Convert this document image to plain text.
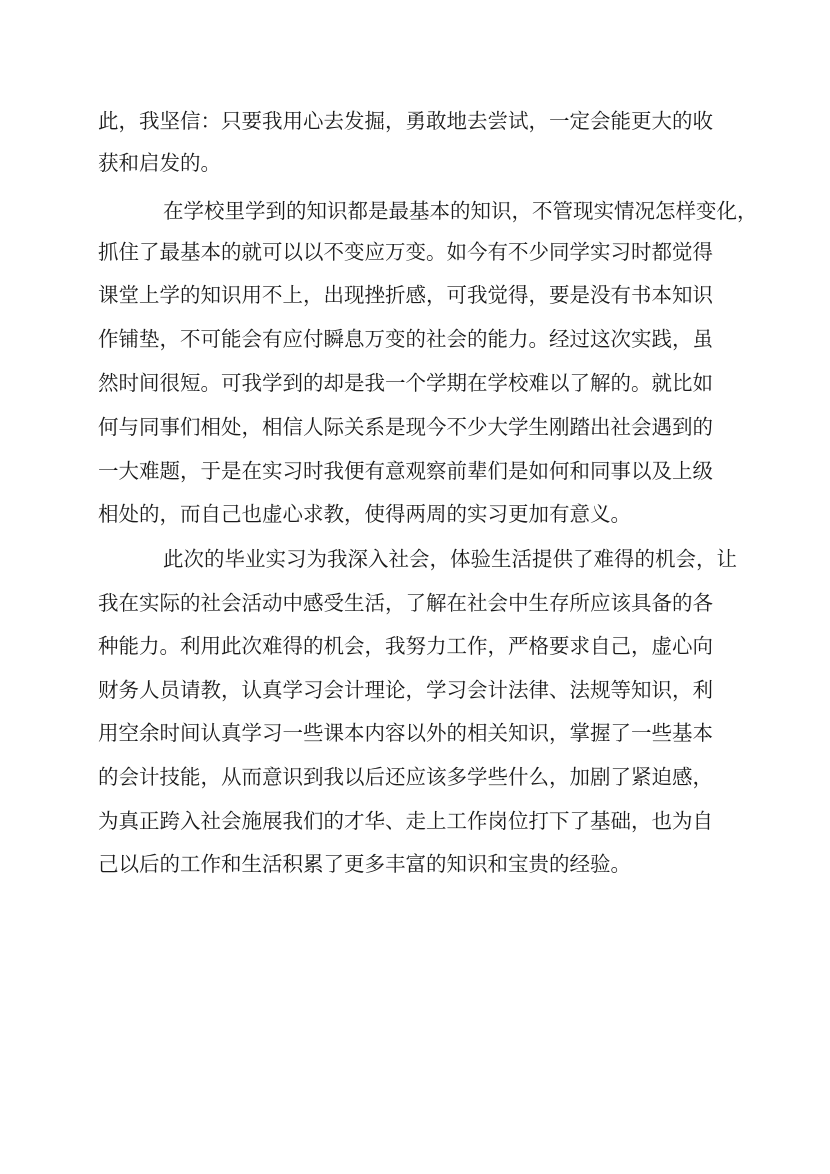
此，我坚信：只要我用心去发掘，勇敢地去尝试，一定会能更大的收
获和启发的。
在学校里学到的知识都是最基本的知识，不管现实情况怎样变化，
抓住了最基本的就可以以不变应万变。如今有不少同学实习时都觉得
课堂上学的知识用不上，出现挫折感，可我觉得，要是没有书本知识
作铺垫，不可能会有应付瞬息万变的社会的能力。经过这次实践，虽
然时间很短。可我学到的却是我一个学期在学校难以了解的。就比如
何与同事们相处，相信人际关系是现今不少大学生刚踏出社会遇到的
一大难题，于是在实习时我便有意观察前辈们是如何和同事以及上级
相处的，而自己也虚心求教，使得两周的实习更加有意义。
此次的毕业实习为我深入社会，体验生活提供了难得的机会，让
我在实际的社会活动中感受生活，了解在社会中生存所应该具备的各
种能力。利用此次难得的机会，我努力工作，严格要求自己，虚心向
财务人员请教，认真学习会计理论，学习会计法律、法规等知识，利
用空余时间认真学习一些课本内容以外的相关知识，掌握了一些基本
的会计技能，从而意识到我以后还应该多学些什么，加剧了紧迫感，
为真正跨入社会施展我们的才华、走上工作岗位打下了基础，也为自
己以后的工作和生活积累了更多丰富的知识和宝贵的经验。
